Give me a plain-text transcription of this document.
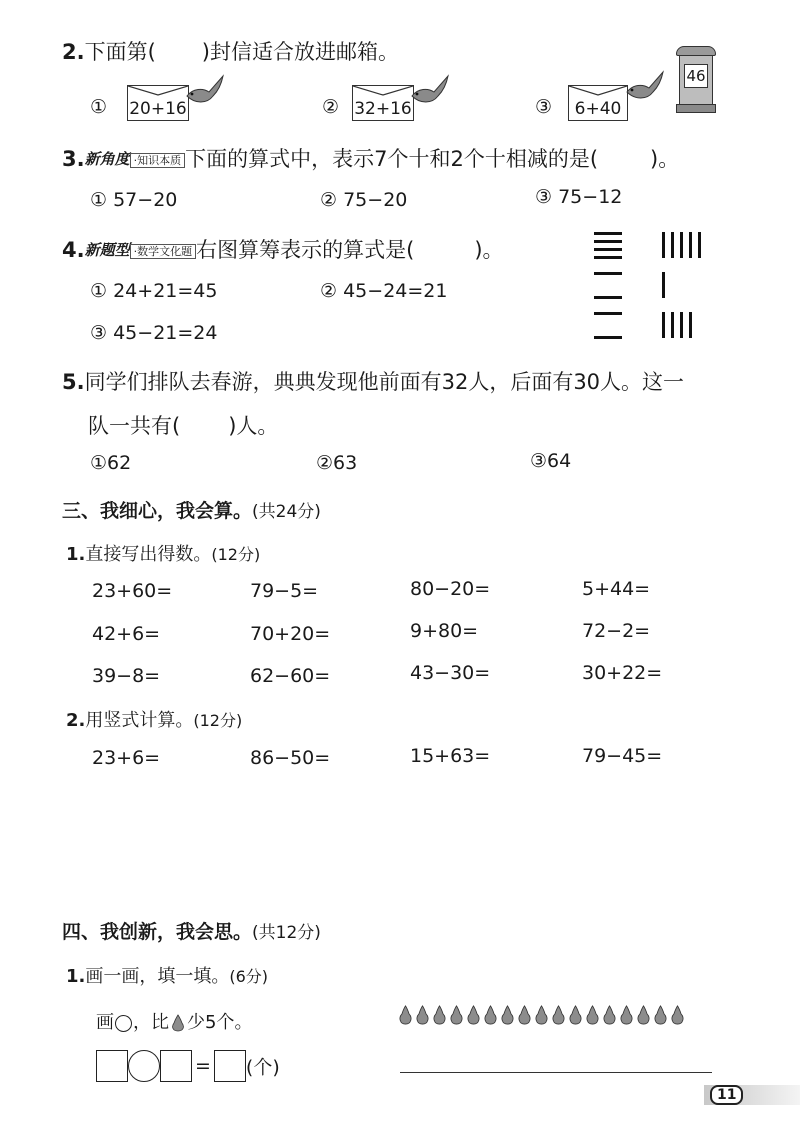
2.下面第( )封信适合放进邮箱。
① 20+16	② 32+16	③	6+40
46
3.新角度 ·知识本质 下面的算式中，表示7个十和2个十相减的是( )。
① 57−20	② 75−20	③ 75−12
4.新题型 ·数学文化题 右图算筹表示的算式是(	)。
① 24+21=45	② 45−24=21
③ 45−21=24
5.同学们排队去春游，典典发现他前面有32人，后面有30人。这一
队一共有( )人。
①62	②63	③64
三、我细心，我会算。(共24分)
1.直接写出得数。(12分)
23+60=	79−5=	80−20=	5+44=
42+6=	70+20=	9+80=	72−2=
39−8=	62−60=	43−30=	30+22=
2.用竖式计算。(12分)
23+6=	86−50=	15+63=	79−45=
四、我创新，我会思。(共12分)
1.画一画，填一填。(6分)
画 ，比 少5个。
= (个)
11
